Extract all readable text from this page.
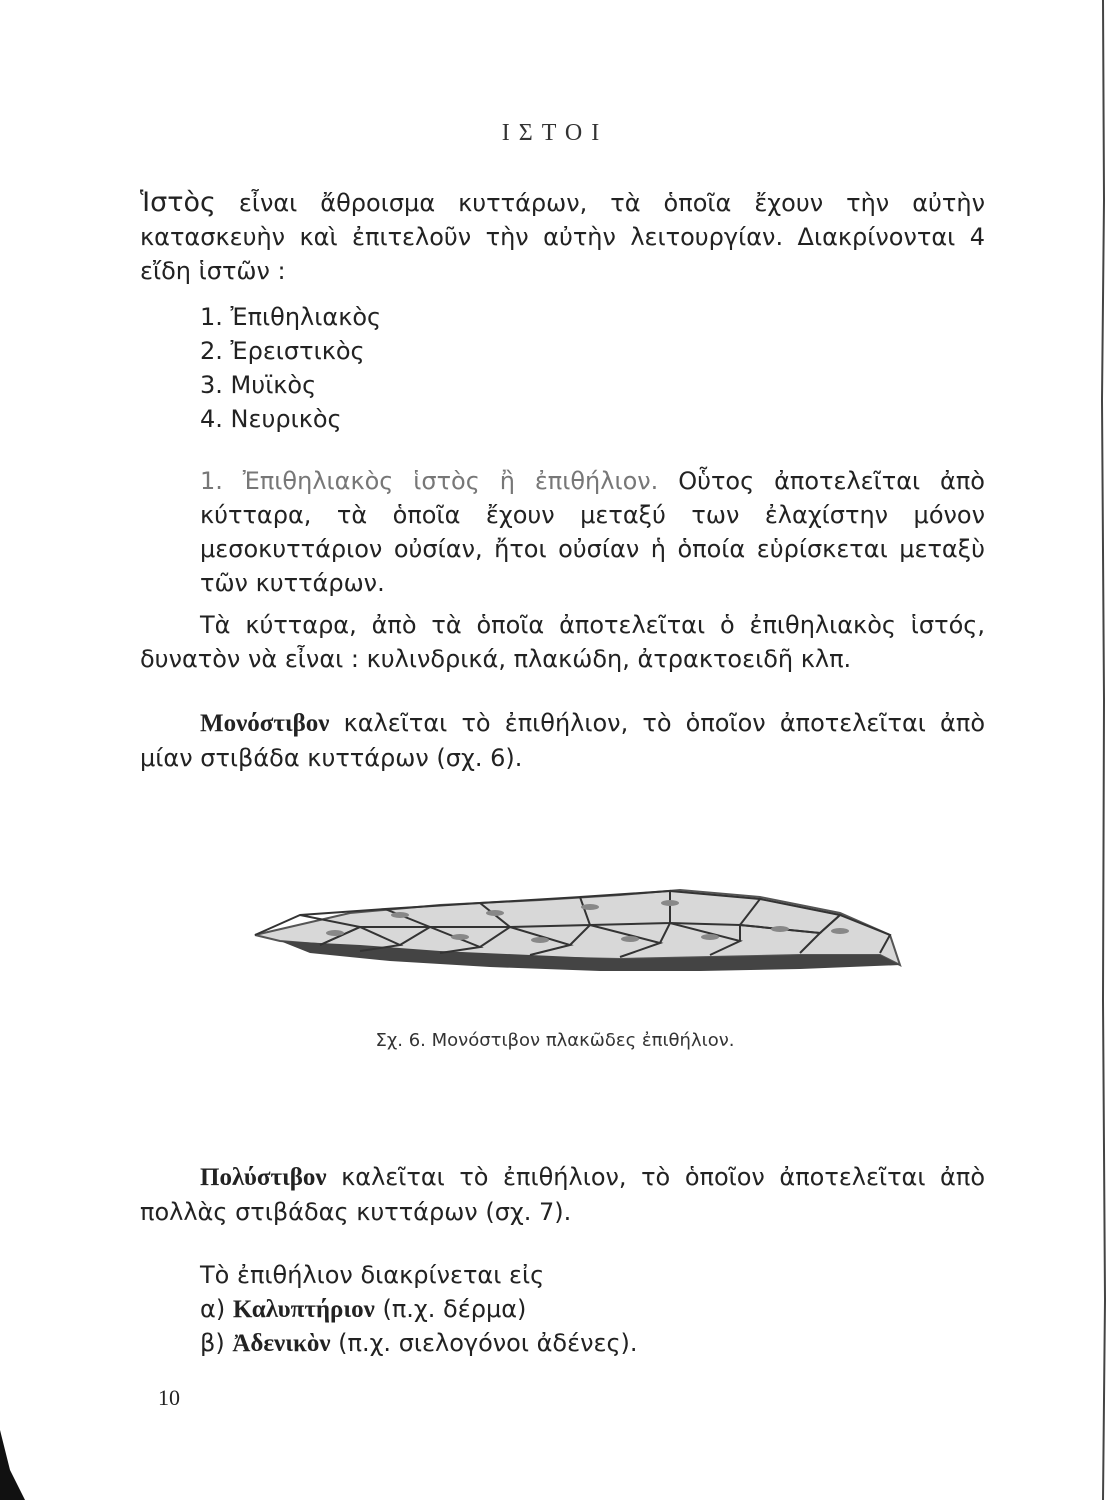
ΙΣΤΟΙ
Ἱστὸς εἶναι ἄθροισμα κυττάρων, τὰ ὁποῖα ἔχουν τὴν αὐτὴν κατασκευὴν καὶ ἐπιτελοῦν τὴν αὐτὴν λειτουργίαν. Διακρίνονται 4 εἴδη ἱστῶν :
1. Ἐπιθηλιακὸς
2. Ἐρειστικὸς
3. Μυϊκὸς
4. Νευρικὸς
1. Ἐπιθηλιακὸς ἱστὸς ἢ ἐπιθήλιον. Οὗτος ἀποτελεῖται ἀπὸ κύτταρα, τὰ ὁποῖα ἔχουν μεταξύ των ἐλαχίστην μόνον μεσοκυττάριον οὐσίαν, ἤτοι οὐσίαν ἡ ὁποία εὑρίσκεται μεταξὺ τῶν κυττάρων.
Τὰ κύτταρα, ἀπὸ τὰ ὁποῖα ἀποτελεῖται ὁ ἐπιθηλιακὸς ἱστός, δυνατὸν νὰ εἶναι : κυλινδρικά, πλακώδη, ἀτρακτοειδῆ κλπ.
Μονόστιβον καλεῖται τὸ ἐπιθήλιον, τὸ ὁποῖον ἀποτελεῖται ἀπὸ μίαν στιβάδα κυττάρων (σχ. 6).
Σχ. 6. Μονόστιβον πλακῶδες ἐπιθήλιον.
Πολύστιβον καλεῖται τὸ ἐπιθήλιον, τὸ ὁποῖον ἀποτελεῖται ἀπὸ πολλὰς στιβάδας κυττάρων (σχ. 7).
Τὸ ἐπιθήλιον διακρίνεται εἰς
α) Καλυπτήριον (π.χ. δέρμα)
β) Ἀδενικὸν (π.χ. σιελογόνοι ἀδένες).
10
